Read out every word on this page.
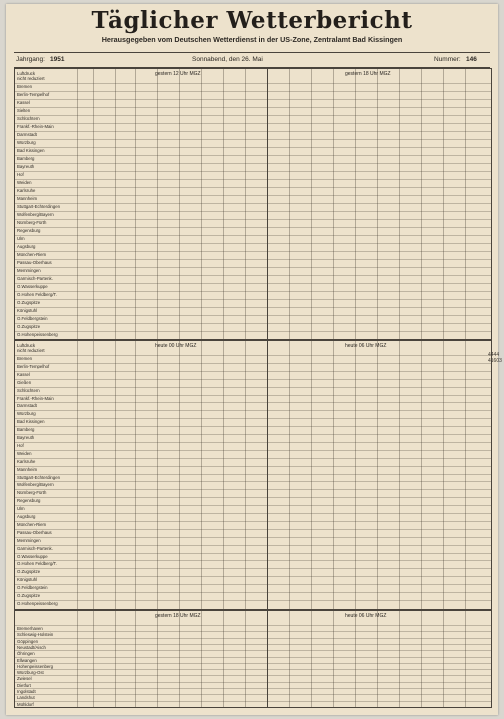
Täglicher Wetterbericht
Herausgegeben vom Deutschen Wetterdienst in der US-Zone, Zentralamt Bad Kissingen
Jahrgang: 1951	Sonnabend, den 26. Mai	Nummer: 146
Luftdruck
nicht reduziert
gestern 12 Uhr MGZ	gestern 18 Uhr MGZ
Bremen
Berlin-Tempelhof
Kassel
Sielten
Schlüchtern
Frankf.-Rhein-Main
Darmstadt
Würzburg
Bad Kissingen
Bamberg
Bayreuth
Hof
Weiden
Karlsruhe
Mannheim
Stuttgart-Echterdingen
Wolfenberg/Bayern
Nürnberg-Fürth
Regensburg
Ulm
Augsburg
München-Riem
Passau-Oberhaus
Memmingen
Garmisch-Partenk.
O.Wasserkuppe
O.Hohen Feldberg/T.
O.Zugspitze
Königstuhl
O.Feldbergstein
O.Zugspitze
O.Hohenpeissenberg
Luftdruck
nicht reduziert
heute 00 Uhr MGZ	heute 06 Uhr MGZ
Bremen
Berlin-Tempelhof
Kassel
Gießen
Schlüchtern
Frankf.-Rhein-Main
Darmstadt
Würzburg
Bad Kissingen
Bamberg
Bayreuth
Hof
Weiden
Karlsruhe
Mannheim
Stuttgart-Echterdingen
Wolfenberg/Bayern
Nürnberg-Fürth
Regensburg
Ulm
Augsburg
München-Riem
Passau-Oberhaus
Memmingen
Garmisch-Partenk.
O.Wasserkuppe
O.Hohen Feldberg/T.
O.Zugspitze
Königstuhl
O.Feldbergstein
O.Zugspitze
O.Hohenpeissenberg
gestern 18 Uhr MGZ	heute 06 Uhr MGZ
Bremerhaven
Schleswig-Holstein
Göppingen
Neustadt/Aisch
Öhringen
Ellwangen
Hohenpeissenberg
Würzburg-Ost
Zwiesel
Dietfurt
Ingolstadt
Landshut
Mühldorf
4444
41603
